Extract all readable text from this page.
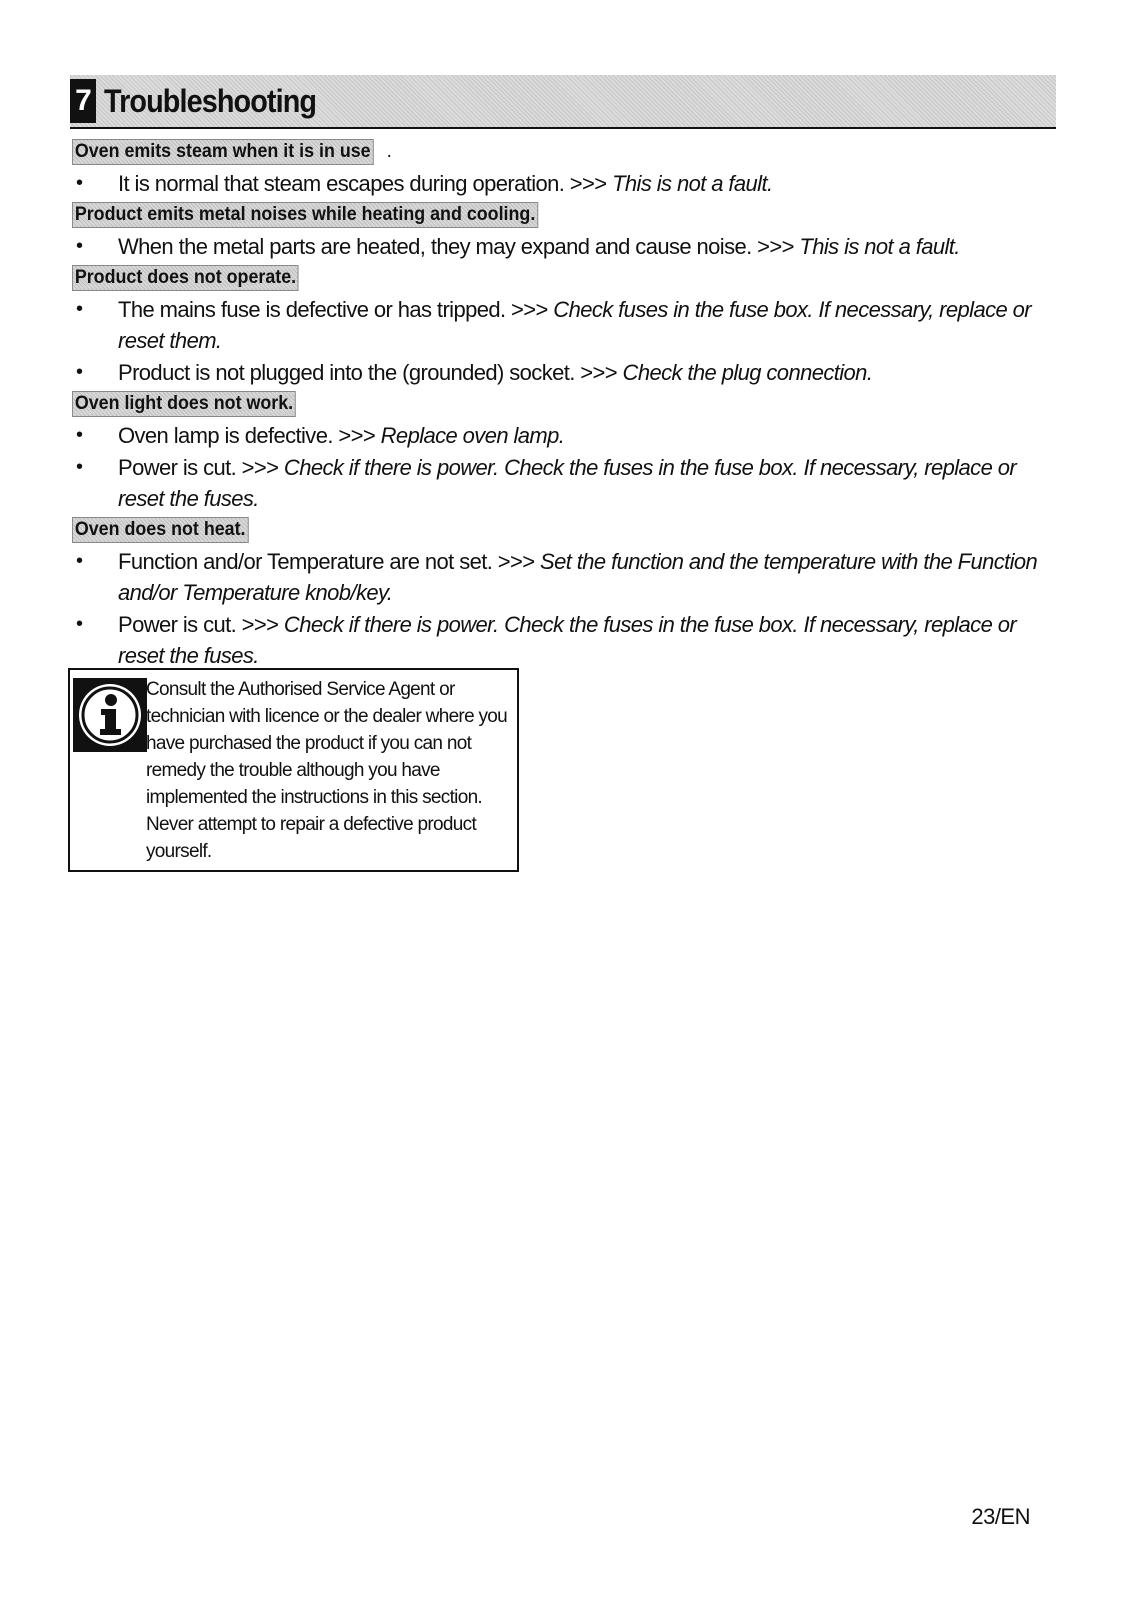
7 Troubleshooting
Oven emits steam when it is in use .
• It is normal that steam escapes during operation. >>> This is not a fault.
Product emits metal noises while heating and cooling.
• When the metal parts are heated, they may expand and cause noise. >>> This is not a fault.
Product does not operate.
• The mains fuse is defective or has tripped. >>> Check fuses in the fuse box. If necessary, replace or reset them.
• Product is not plugged into the (grounded) socket. >>> Check the plug connection.
Oven light does not work.
• Oven lamp is defective. >>> Replace oven lamp.
• Power is cut. >>> Check if there is power. Check the fuses in the fuse box. If necessary, replace or reset the fuses.
Oven does not heat.
• Function and/or Temperature are not set. >>> Set the function and the temperature with the Function and/or Temperature knob/key.
• Power is cut. >>> Check if there is power. Check the fuses in the fuse box. If necessary, replace or reset the fuses.
Consult the Authorised Service Agent or technician with licence or the dealer where you have purchased the product if you can not remedy the trouble although you have implemented the instructions in this section. Never attempt to repair a defective product yourself.
23/EN
